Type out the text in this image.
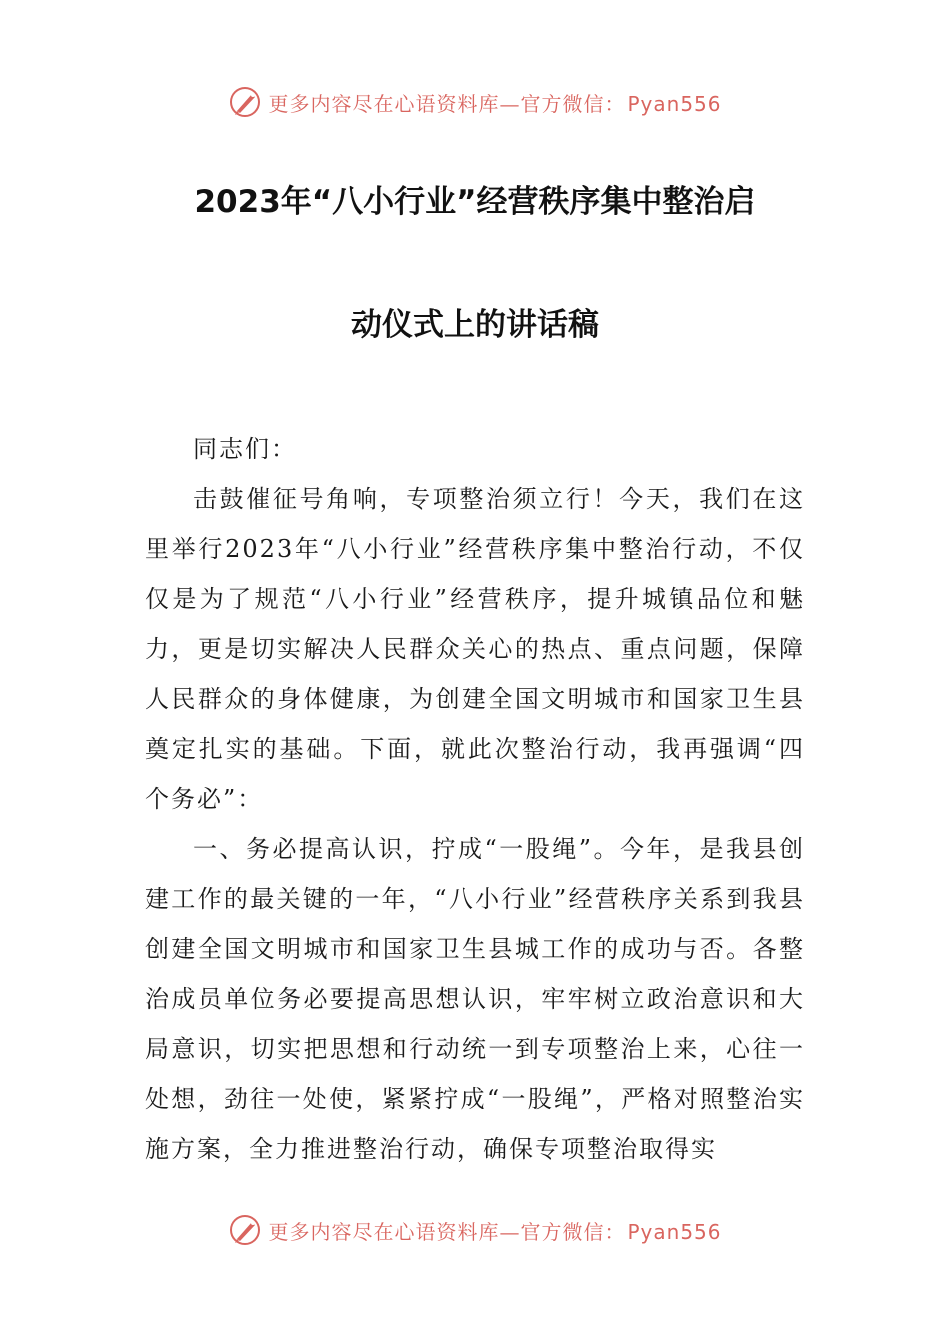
更多内容尽在心语资料库—官方微信： Pyan556
2023年“八小行业”经营秩序集中整治启
动仪式上的讲话稿

同志们：

击鼓催征号角响，专项整治须立行！今天，我们在这里举行2023年“八小行业”经营秩序集中整治行动，不仅仅是为了规范“八小行业”经营秩序，提升城镇品位和魅力，更是切实解决人民群众关心的热点、重点问题，保障人民群众的身体健康，为创建全国文明城市和国家卫生县奠定扎实的基础。下面，就此次整治行动，我再强调“四个务必”：

一、务必提高认识，拧成“一股绳”。今年，是我县创建工作的最关键的一年，“八小行业”经营秩序关系到我县创建全国文明城市和国家卫生县城工作的成功与否。各整治成员单位务必要提高思想认识，牢牢树立政治意识和大局意识，切实把思想和行动统一到专项整治上来，心往一处想，劲往一处使，紧紧拧成“一股绳”，严格对照整治实施方案，全力推进整治行动，确保专项整治取得实

更多内容尽在心语资料库—官方微信： Pyan556
